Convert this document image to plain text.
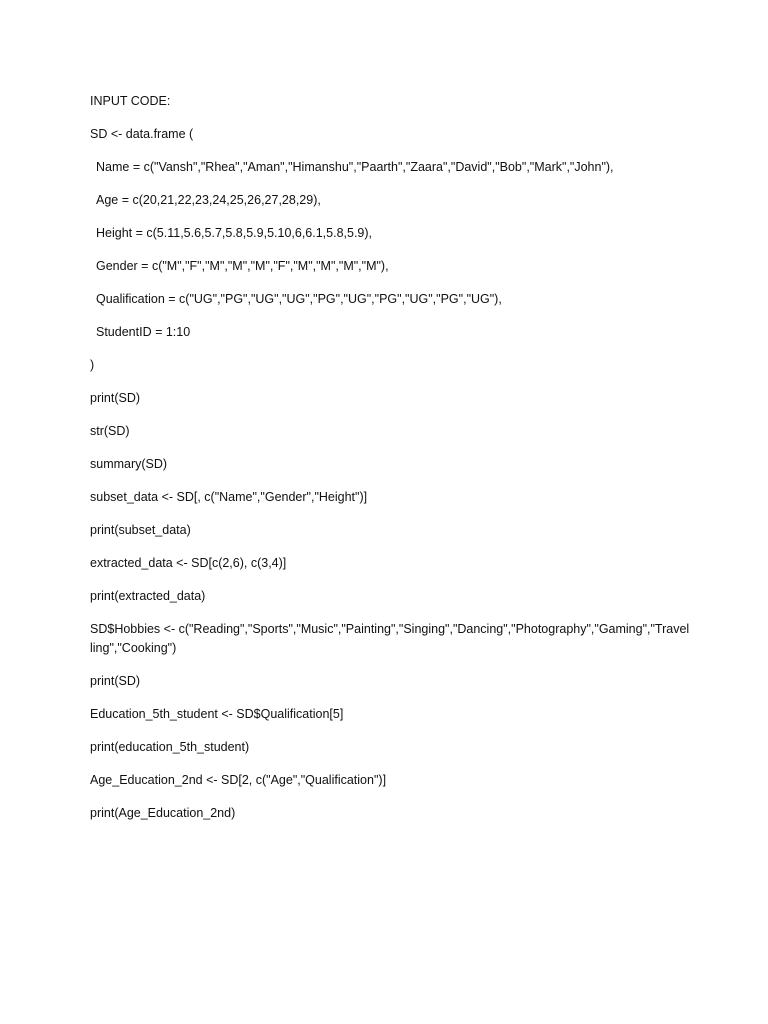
INPUT CODE:
SD <- data.frame (
Name = c("Vansh","Rhea","Aman","Himanshu","Paarth","Zaara","David","Bob","Mark","John"),
Age = c(20,21,22,23,24,25,26,27,28,29),
Height = c(5.11,5.6,5.7,5.8,5.9,5.10,6,6.1,5.8,5.9),
Gender = c("M","F","M","M","M","F","M","M","M","M"),
Qualification = c("UG","PG","UG","UG","PG","UG","PG","UG","PG","UG"),
StudentID = 1:10
)
print(SD)
str(SD)
summary(SD)
subset_data <- SD[, c("Name","Gender","Height")]
print(subset_data)
extracted_data <- SD[c(2,6), c(3,4)]
print(extracted_data)
SD$Hobbies <- c("Reading","Sports","Music","Painting","Singing","Dancing","Photography","Gaming","Travelling","Cooking")
print(SD)
Education_5th_student <- SD$Qualification[5]
print(education_5th_student)
Age_Education_2nd <- SD[2, c("Age","Qualification")]
print(Age_Education_2nd)
